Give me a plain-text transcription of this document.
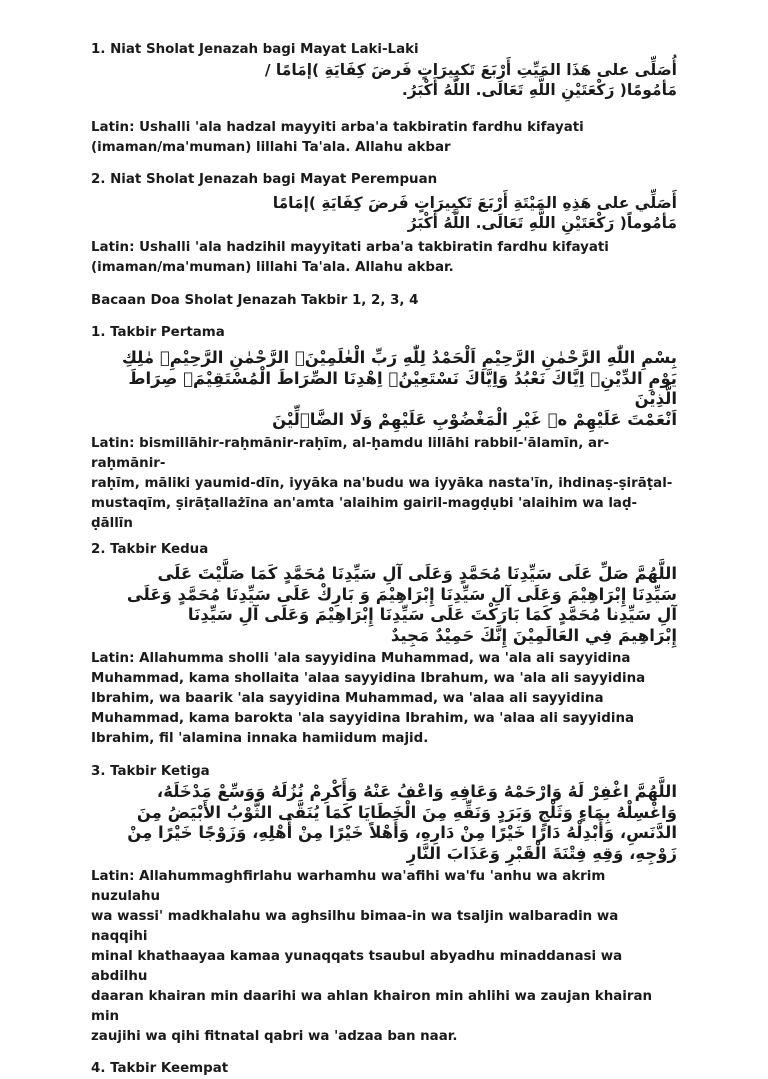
1. Niat Sholat Jenazah bagi Mayat Laki-Laki

أُصَلِّى على هَذَا المَيِّتِ أَرْبَعَ تَكبِيرَاتٍ فَرضَ كِفَايَةِ )إمَامًا /
مَأمُومًا( رَكْعَتَيْنِ اللَّهِ تَعَالَى. اللَّهُ أَكْبَرُ.
Latin: Ushalli 'ala hadzal mayyiti arba'a takbiratin fardhu kifayati
(imaman/ma'muman) lillahi Ta'ala. Allahu akbar

2. Niat Sholat Jenazah bagi Mayat Perempuan

أَصَلِّي على هَذِهِ المَيْتَةِ أَرْبَعَ تَكبِيرَاتٍ فَرضَ كِفَايَةِ )إمَامًا
مَأمُوماً( رَكْعَتَيْنِ اللَّهِ تَعَالَى. اللَّهُ أَكْبَرُ
Latin: Ushalli 'ala hadzihil mayyitati arba'a takbiratin fardhu kifayati
(imaman/ma'muman) lillahi Ta'ala. Allahu akbar.

Bacaan Doa Sholat Jenazah Takbir 1, 2, 3, 4

1. Takbir Pertama

بِسْمِ اللّٰهِ الرَّحْمٰنِ الرَّحِيْمِ اَلْحَمْدُ لِلّٰهِ رَبِّ الْعٰلَمِيْنَۙ الرَّحْمٰنِ الرَّحِيْمِۙ مٰلِكِ
يَوْمِ الدِّيْنِۗ اِيَّاكَ نَعْبُدُ وَاِيَّاكَ نَسْتَعِيْنُۗ اِهْدِنَا الصِّرَاطَ الْمُسْتَقِيْمَۙ صِرَاطَ الَّذِيْنَ
اَنْعَمْتَ عَلَيْهِمْ ەۙ غَيْرِ الْمَغْضُوْبِ عَلَيْهِمْ وَلَا الضَّاۤلِّيْنَ
Latin: bismillāhir-raḥmānir-raḥīm, al-ḥamdu lillāhi rabbil-'ālamīn, ar-raḥmānir-
raḥīm, māliki yaumid-dīn, iyyāka na'budu wa iyyāka nasta'īn, ihdinaṣ-ṣirāṭal-
mustaqīm, ṣirāṭallażīna an'amta 'alaihim gairil-magḍụbi 'alaihim wa laḍ-ḍāllīn

2. Takbir Kedua

اللَّهُمَّ صَلِّ عَلَى سَيِّدِنَا مُحَمَّدٍ وَعَلَى آلِ سَيِّدِنَا مُحَمَّدٍ كَمَا صَلَّيْتَ عَلَى
سَيِّدِنَا إِبْرَاهِيْمَ وَعَلَى آلِ سَيِّدِنَا إِبْرَاهِيْمَ وَ بَارِكْ عَلَى سَيِّدِنَا مُحَمَّدٍ وَعَلَى
آلِ سَيِّدِنا مُحَمَّدٍ كَمَا بَارَكْتَ عَلَى سَيِّدِنَا إِبْرَاهِيْمَ وَعَلَى آلِ سَيِّدِنَا
إِبْرَاهِيمَ فِي العَالَمِيْنَ إِنَّكَ حَمِيْدٌ مَجِيدٌ
Latin: Allahumma sholli 'ala sayyidina Muhammad, wa 'ala ali sayyidina
Muhammad, kama shollaita 'alaa sayyidina Ibrahum, wa 'ala ali sayyidina
Ibrahim, wa baarik 'ala sayyidina Muhammad, wa 'alaa ali sayyidina
Muhammad, kama barokta 'ala sayyidina Ibrahim, wa 'alaa ali sayyidina
Ibrahim, fil 'alamina innaka hamiidum majid.

3. Takbir Ketiga

اللَّهُمَّ اغْفِرْ لَهُ وَارْحَمْهُ وَعَافِهِ وَاعْفُ عَنْهُ وَأَكْرِمْ نُزُلَهُ وَوَسِّعْ مَدْخَلَهُ،
وَاغْسِلْهُ بِمَاءٍ وَثَلْجٍ وَبَرَدٍ وَنَقِّهِ مِنَ الْخَطَايَا كَمَا يُنَقَّى الثَّوْبُ الأَبْيَضُ مِنَ
الدَّنَسِ، وَأَبْدِلْهُ دَارًا خَيْرًا مِنْ دَارِهِ، وَأَهْلاً خَيْرًا مِنْ أَهْلِهِ، وَزَوْجًا خَيْرًا مِنْ
زَوْجِهِ، وَقِهِ فِتْنَةَ الْقَبْرِ وَعَذَابَ النَّارِ
Latin: Allahummaghfirlahu warhamhu wa'afihi wa'fu 'anhu wa akrim nuzulahu
wa wassi' madkhalahu wa aghsilhu bimaa-in wa tsaljin walbaradin wa naqqihi
minal khathaayaa kamaa yunaqqats tsaubul abyadhu minaddanasi wa abdilhu
daaran khairan min daarihi wa ahlan khairon min ahlihi wa zaujan khairan min
zaujihi wa qihi fitnatal qabri wa 'adzaa ban naar.

4. Takbir Keempat
